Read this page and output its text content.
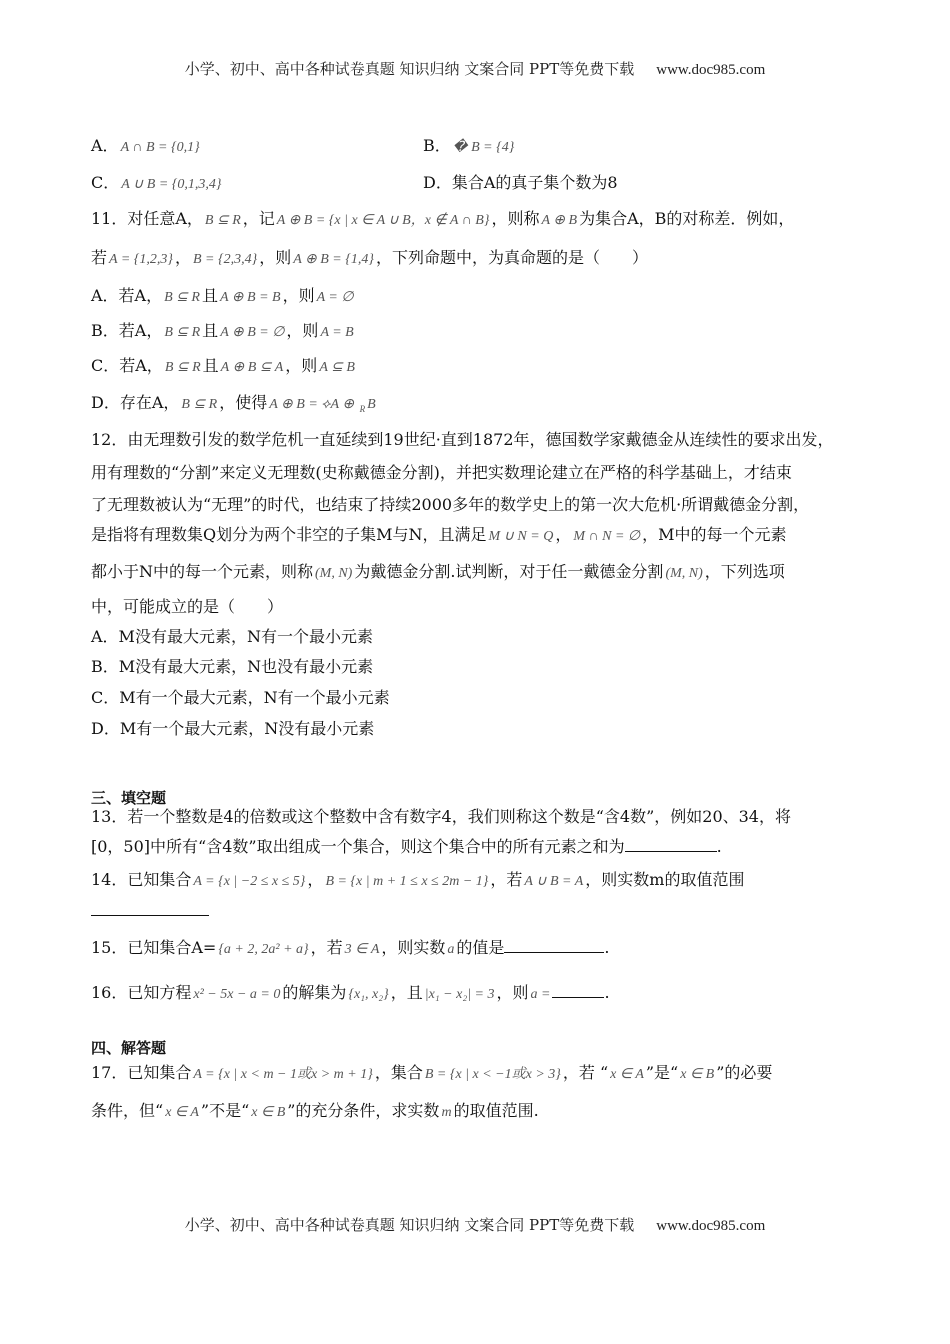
小学、初中、高中各种试卷真题 知识归纳 文案合同 PPT等免费下载 www.doc985.com
A． A ∩ B = {0,1}	B． � B = {4}
C． A ∪ B = {0,1,3,4}	D．集合A的真子集个数为8
11．对任意A， B ⊆ R ，记 A ⊕ B = {x | x ∈ A ∪ B，x ∉ A ∩ B} ，则称 A ⊕ B 为集合A，B的对称差．例如，
若 A = {1,2,3} ， B = {2,3,4} ，则 A ⊕ B = {1,4} ，下列命题中，为真命题的是（　　）
A．若A， B ⊆ R 且 A ⊕ B = B ，则 A = ∅
B．若A， B ⊆ R 且 A ⊕ B = ∅ ，则 A = B
C．若A， B ⊆ R 且 A ⊕ B ⊆ A ，则 A ⊆ B
D．存在A， B ⊆ R ，使得 A ⊕ B = ⟡A ⊕ $_R$ B
12．由无理数引发的数学危机一直延续到19世纪·直到1872年，德国数学家戴德金从连续性的要求出发，
用有理数的“分割”来定义无理数(史称戴德金分割)，并把实数理论建立在严格的科学基础上，才结束
了无理数被认为“无理”的时代，也结束了持续2000多年的数学史上的第一次大危机·所谓戴德金分割，
是指将有理数集Q划分为两个非空的子集M与N，且满足 M ∪ N = Q ， M ∩ N = ∅ ，M中的每一个元素
都小于N中的每一个元素，则称 (M, N) 为戴德金分割.试判断，对于任一戴德金分割 (M, N) ，下列选项
中，可能成立的是（　　）
A．M没有最大元素，N有一个最小元素
B．M没有最大元素，N也没有最小元素
C．M有一个最大元素，N有一个最小元素
D．M有一个最大元素，N没有最小元素
三、填空题
13．若一个整数是4的倍数或这个整数中含有数字4，我们则称这个数是“含4数”，例如20、34，将
[0，50]中所有“含4数”取出组成一个集合，则这个集合中的所有元素之和为	.
14．已知集合 A = {x | −2 ≤ x ≤ 5} ， B = {x | m + 1 ≤ x ≤ 2m − 1} ，若 A ∪ B = A ，则实数m的取值范围
15．已知集合A= {a + 2, 2a² + a} ，若 3 ∈ A ，则实数 a 的值是	.
16．已知方程 x² − 5x − a = 0 的解集为 {x₁, x₂} ，且 |x₁ − x₂| = 3 ，则 a =	.
四、解答题
17．已知集合 A = {x | x < m − 1或x > m + 1} ，集合 B = {x | x < −1或x > 3} ，若 “ x ∈ A ”是“ x ∈ B ”的必要
条件，但“ x ∈ A ”不是“ x ∈ B ”的充分条件，求实数 m 的取值范围.
小学、初中、高中各种试卷真题 知识归纳 文案合同 PPT等免费下载 www.doc985.com
